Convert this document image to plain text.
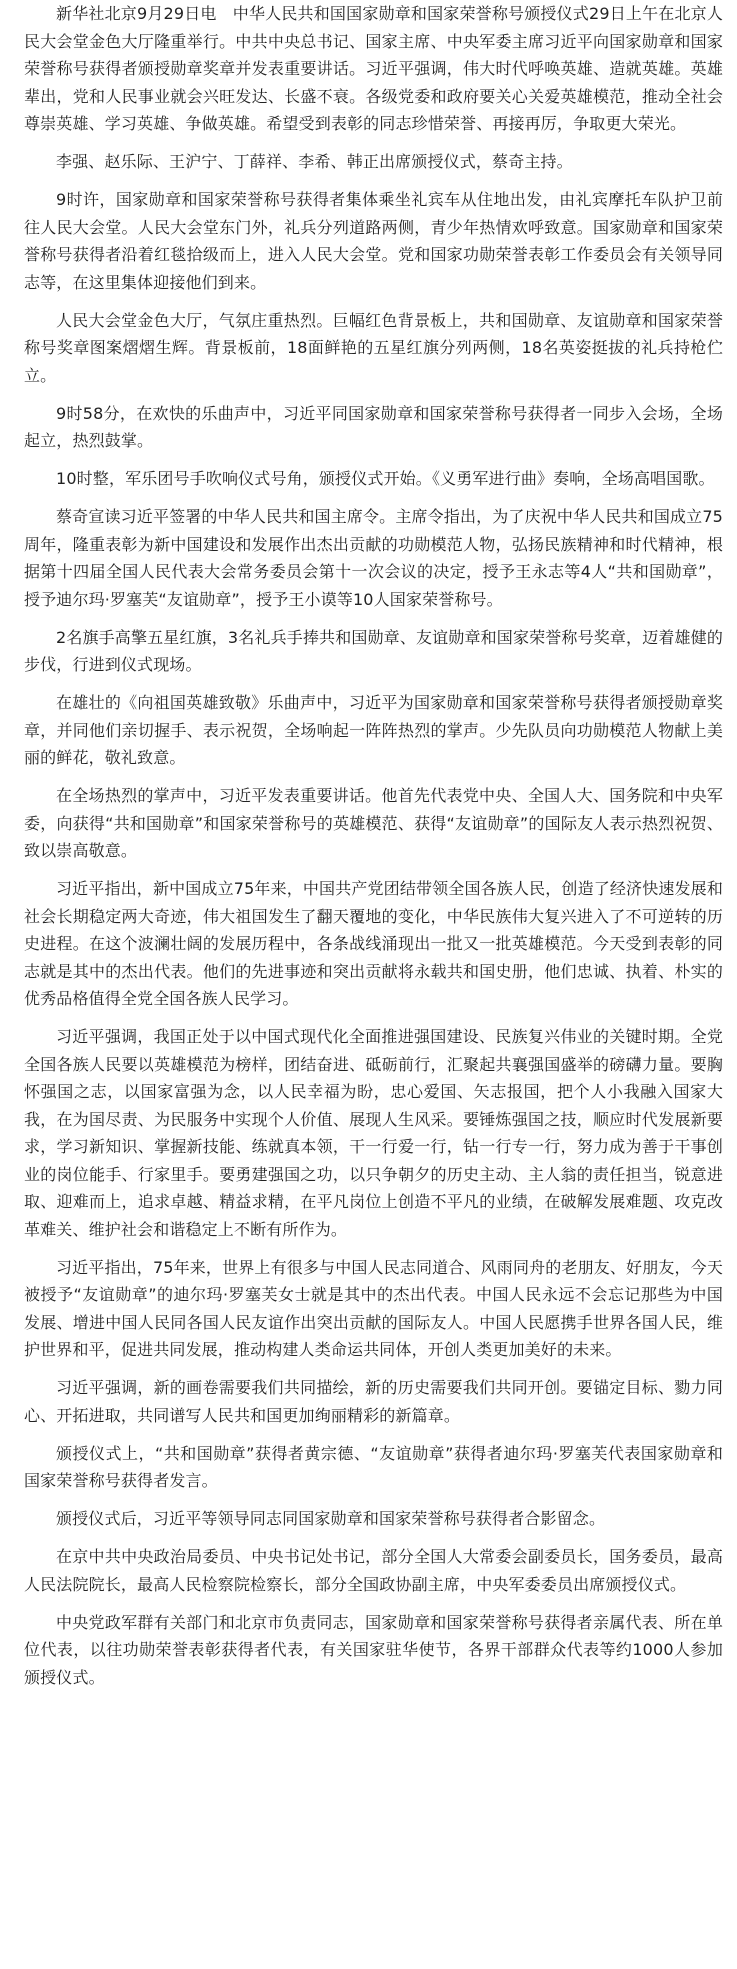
新华社北京9月29日电　中华人民共和国国家勋章和国家荣誉称号颁授仪式29日上午在北京人民大会堂金色大厅隆重举行。中共中央总书记、国家主席、中央军委主席习近平向国家勋章和国家荣誉称号获得者颁授勋章奖章并发表重要讲话。习近平强调，伟大时代呼唤英雄、造就英雄。英雄辈出，党和人民事业就会兴旺发达、长盛不衰。各级党委和政府要关心关爱英雄模范，推动全社会尊崇英雄、学习英雄、争做英雄。希望受到表彰的同志珍惜荣誉、再接再厉，争取更大荣光。

李强、赵乐际、王沪宁、丁薛祥、李希、韩正出席颁授仪式，蔡奇主持。

9时许，国家勋章和国家荣誉称号获得者集体乘坐礼宾车从住地出发，由礼宾摩托车队护卫前往人民大会堂。人民大会堂东门外，礼兵分列道路两侧，青少年热情欢呼致意。国家勋章和国家荣誉称号获得者沿着红毯拾级而上，进入人民大会堂。党和国家功勋荣誉表彰工作委员会有关领导同志等，在这里集体迎接他们到来。

人民大会堂金色大厅，气氛庄重热烈。巨幅红色背景板上，共和国勋章、友谊勋章和国家荣誉称号奖章图案熠熠生辉。背景板前，18面鲜艳的五星红旗分列两侧，18名英姿挺拔的礼兵持枪伫立。

9时58分，在欢快的乐曲声中，习近平同国家勋章和国家荣誉称号获得者一同步入会场，全场起立，热烈鼓掌。

10时整，军乐团号手吹响仪式号角，颁授仪式开始。《义勇军进行曲》奏响，全场高唱国歌。

蔡奇宣读习近平签署的中华人民共和国主席令。主席令指出，为了庆祝中华人民共和国成立75周年，隆重表彰为新中国建设和发展作出杰出贡献的功勋模范人物，弘扬民族精神和时代精神，根据第十四届全国人民代表大会常务委员会第十一次会议的决定，授予王永志等4人“共和国勋章”，授予迪尔玛·罗塞芙“友谊勋章”，授予王小谟等10人国家荣誉称号。

2名旗手高擎五星红旗，3名礼兵手捧共和国勋章、友谊勋章和国家荣誉称号奖章，迈着雄健的步伐，行进到仪式现场。

在雄壮的《向祖国英雄致敬》乐曲声中，习近平为国家勋章和国家荣誉称号获得者颁授勋章奖章，并同他们亲切握手、表示祝贺，全场响起一阵阵热烈的掌声。少先队员向功勋模范人物献上美丽的鲜花，敬礼致意。

在全场热烈的掌声中，习近平发表重要讲话。他首先代表党中央、全国人大、国务院和中央军委，向获得“共和国勋章”和国家荣誉称号的英雄模范、获得“友谊勋章”的国际友人表示热烈祝贺、致以崇高敬意。

习近平指出，新中国成立75年来，中国共产党团结带领全国各族人民，创造了经济快速发展和社会长期稳定两大奇迹，伟大祖国发生了翻天覆地的变化，中华民族伟大复兴进入了不可逆转的历史进程。在这个波澜壮阔的发展历程中，各条战线涌现出一批又一批英雄模范。今天受到表彰的同志就是其中的杰出代表。他们的先进事迹和突出贡献将永载共和国史册，他们忠诚、执着、朴实的优秀品格值得全党全国各族人民学习。

习近平强调，我国正处于以中国式现代化全面推进强国建设、民族复兴伟业的关键时期。全党全国各族人民要以英雄模范为榜样，团结奋进、砥砺前行，汇聚起共襄强国盛举的磅礴力量。要胸怀强国之志，以国家富强为念，以人民幸福为盼，忠心爱国、矢志报国，把个人小我融入国家大我，在为国尽责、为民服务中实现个人价值、展现人生风采。要锤炼强国之技，顺应时代发展新要求，学习新知识、掌握新技能、练就真本领，干一行爱一行，钻一行专一行，努力成为善于干事创业的岗位能手、行家里手。要勇建强国之功，以只争朝夕的历史主动、主人翁的责任担当，锐意进取、迎难而上，追求卓越、精益求精，在平凡岗位上创造不平凡的业绩，在破解发展难题、攻克改革难关、维护社会和谐稳定上不断有所作为。

习近平指出，75年来，世界上有很多与中国人民志同道合、风雨同舟的老朋友、好朋友，今天被授予“友谊勋章”的迪尔玛·罗塞芙女士就是其中的杰出代表。中国人民永远不会忘记那些为中国发展、增进中国人民同各国人民友谊作出突出贡献的国际友人。中国人民愿携手世界各国人民，维护世界和平，促进共同发展，推动构建人类命运共同体，开创人类更加美好的未来。

习近平强调，新的画卷需要我们共同描绘，新的历史需要我们共同开创。要锚定目标、勠力同心、开拓进取，共同谱写人民共和国更加绚丽精彩的新篇章。

颁授仪式上，“共和国勋章”获得者黄宗德、“友谊勋章”获得者迪尔玛·罗塞芙代表国家勋章和国家荣誉称号获得者发言。

颁授仪式后，习近平等领导同志同国家勋章和国家荣誉称号获得者合影留念。

在京中共中央政治局委员、中央书记处书记，部分全国人大常委会副委员长，国务委员，最高人民法院院长，最高人民检察院检察长，部分全国政协副主席，中央军委委员出席颁授仪式。

中央党政军群有关部门和北京市负责同志，国家勋章和国家荣誉称号获得者亲属代表、所在单位代表，以往功勋荣誉表彰获得者代表，有关国家驻华使节，各界干部群众代表等约1000人参加颁授仪式。
